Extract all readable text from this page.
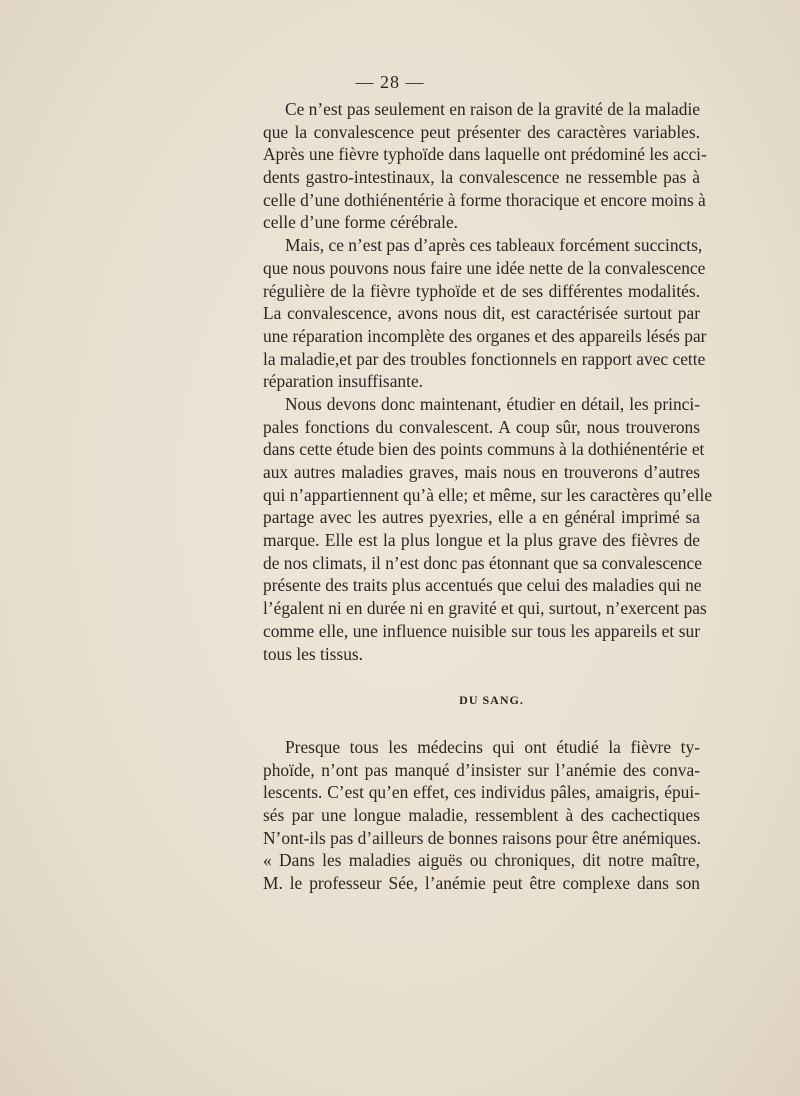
— 28 —
Ce n’est pas seulement en raison de la gravité de la maladie
que la convalescence peut présenter des caractères variables.
Après une fièvre typhoïde dans laquelle ont prédominé les acci-
dents gastro-intestinaux, la convalescence ne ressemble pas à
celle d’une dothiénentérie à forme thoracique et encore moins à
celle d’une forme cérébrale.
Mais, ce n’est pas d’après ces tableaux forcément succincts,
que nous pouvons nous faire une idée nette de la convalescence
régulière de la fièvre typhoïde et de ses différentes modalités.
La convalescence, avons nous dit, est caractérisée surtout par
une réparation incomplète des organes et des appareils lésés par
la maladie,et par des troubles fonctionnels en rapport avec cette
réparation insuffisante.
Nous devons donc maintenant, étudier en détail, les princi-
pales fonctions du convalescent. A coup sûr, nous trouverons
dans cette étude bien des points communs à la dothiénentérie et
aux autres maladies graves, mais nous en trouverons d’autres
qui n’appartiennent qu’à elle; et même, sur les caractères qu’elle
partage avec les autres pyexries, elle a en général imprimé sa
marque. Elle est la plus longue et la plus grave des fièvres de
de nos climats, il n’est donc pas étonnant que sa convalescence
présente des traits plus accentués que celui des maladies qui ne
l’égalent ni en durée ni en gravité et qui, surtout, n’exercent pas
comme elle, une influence nuisible sur tous les appareils et sur
tous les tissus.
DU SANG.
Presque tous les médecins qui ont étudié la fièvre ty-
phoïde, n’ont pas manqué d’insister sur l’anémie des conva-
lescents. C’est qu’en effet, ces individus pâles, amaigris, épui-
sés par une longue maladie, ressemblent à des cachectiques
N’ont-ils pas d’ailleurs de bonnes raisons pour être anémiques.
« Dans les maladies aiguës ou chroniques, dit notre maître,
M. le professeur Sée, l’anémie peut être complexe dans son
